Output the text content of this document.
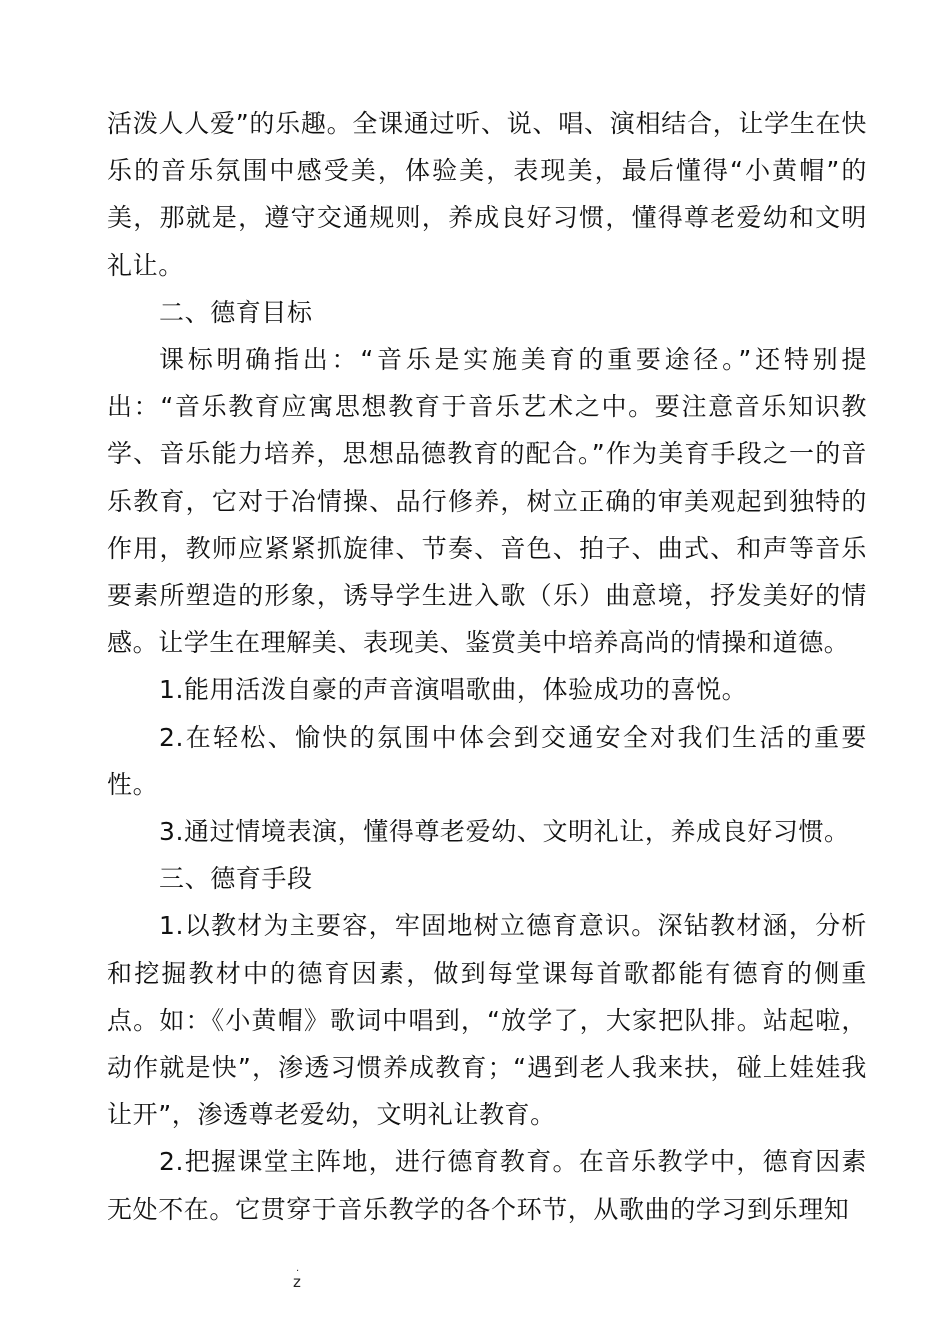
活泼人人爱”的乐趣。全课通过听、说、唱、演相结合，让学生在快乐的音乐氛围中感受美，体验美，表现美，最后懂得“小黄帽”的美，那就是，遵守交通规则，养成良好习惯，懂得尊老爱幼和文明礼让。

二、德育目标

课标明确指出：“音乐是实施美育的重要途径。”还特别提出：“音乐教育应寓思想教育于音乐艺术之中。要注意音乐知识教学、音乐能力培养，思想品德教育的配合。”作为美育手段之一的音乐教育，它对于冶情操、品行修养，树立正确的审美观起到独特的作用，教师应紧紧抓旋律、节奏、音色、拍子、曲式、和声等音乐要素所塑造的形象，诱导学生进入歌（乐）曲意境，抒发美好的情感。让学生在理解美、表现美、鉴赏美中培养高尚的情操和道德。

1.能用活泼自豪的声音演唱歌曲，体验成功的喜悦。

2.在轻松、愉快的氛围中体会到交通安全对我们生活的重要性。

3.通过情境表演，懂得尊老爱幼、文明礼让，养成良好习惯。

三、德育手段

1.以教材为主要容，牢固地树立德育意识。深钻教材涵，分析和挖掘教材中的德育因素，做到每堂课每首歌都能有德育的侧重点。如：《小黄帽》歌词中唱到，“放学了，大家把队排。站起啦，动作就是快”，渗透习惯养成教育；“遇到老人我来扶，碰上娃娃我让开”，渗透尊老爱幼，文明礼让教育。

2.把握课堂主阵地，进行德育教育。在音乐教学中，德育因素无处不在。它贯穿于音乐教学的各个环节，从歌曲的学习到乐理知

.
z
